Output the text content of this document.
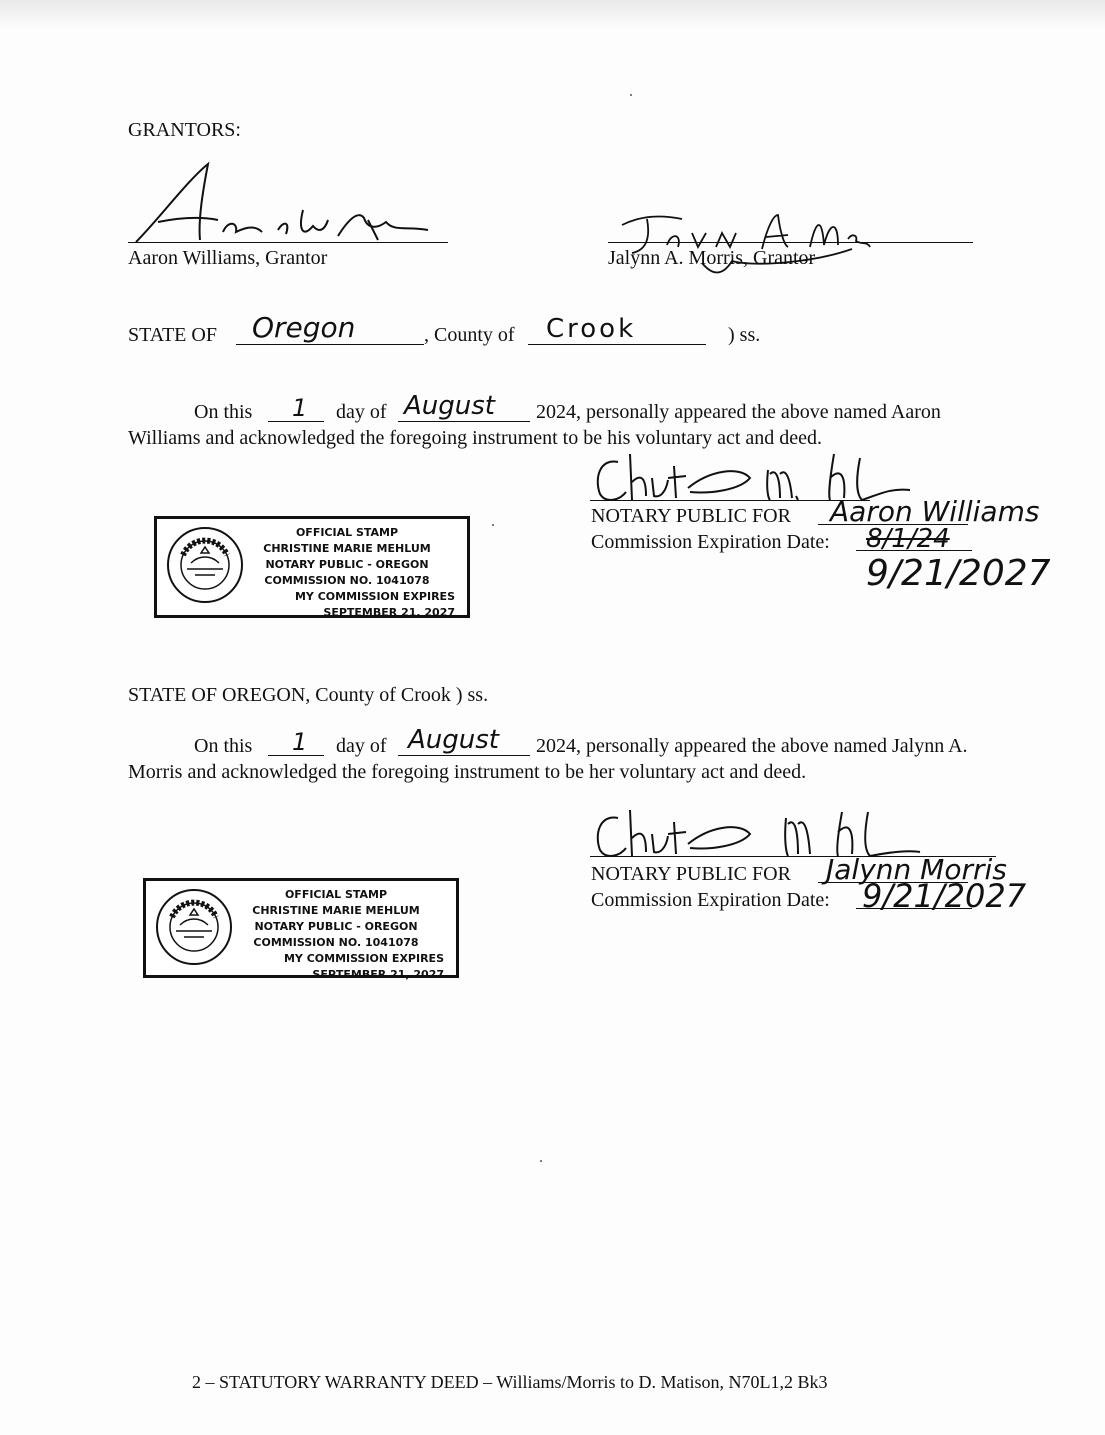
GRANTORS:
Aaron Williams, Grantor	Jalynn A. Morris, Grantor
STATE OF Oregon	, County of Crook	) ss.
On this 1 day of August 2024, personally appeared the above named Aaron
Williams and acknowledged the foregoing instrument to be his voluntary act and deed.
NOTARY PUBLIC FOR Aaron Williams
Commission Expiration Date: 8/1/24
9/21/2027
OFFICIAL STAMP
CHRISTINE MARIE MEHLUM
NOTARY PUBLIC - OREGON
COMMISSION NO. 1041078
MY COMMISSION EXPIRES SEPTEMBER 21, 2027
STATE OF OREGON, County of Crook ) ss.
On this 1 day of August 2024, personally appeared the above named Jalynn A.
Morris and acknowledged the foregoing instrument to be her voluntary act and deed.
NOTARY PUBLIC FOR Jalynn Morris
Commission Expiration Date: 9/21/2027
OFFICIAL STAMP
CHRISTINE MARIE MEHLUM
NOTARY PUBLIC - OREGON
COMMISSION NO. 1041078
MY COMMISSION EXPIRES SEPTEMBER 21, 2027
2 – STATUTORY WARRANTY DEED – Williams/Morris to D. Matison, N70L1,2 Bk3
